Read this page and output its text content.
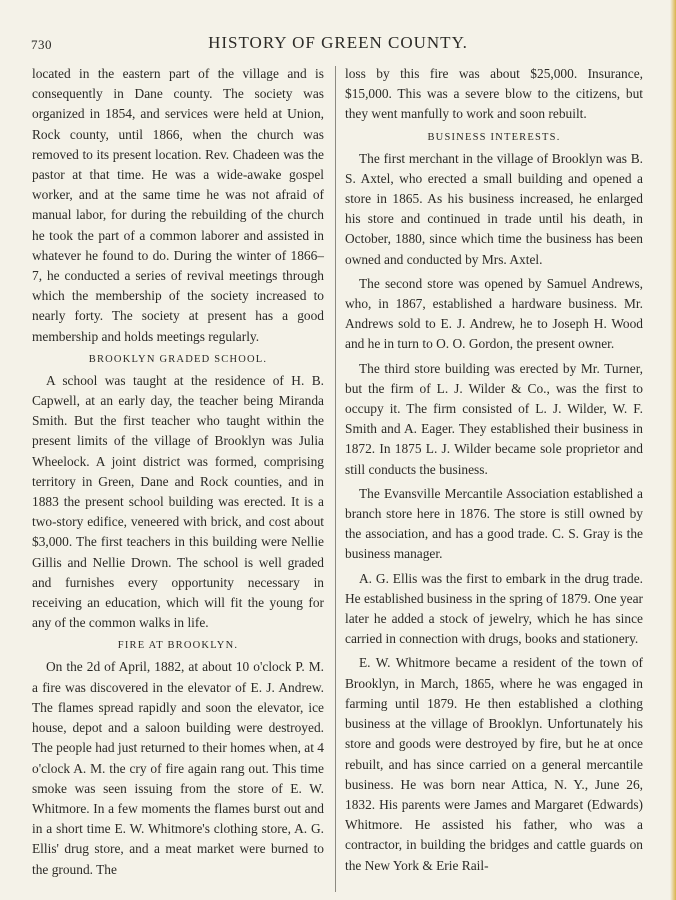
730	HISTORY OF GREEN COUNTY.

located in the eastern part of the village and is consequently in Dane county. The society was organized in 1854, and services were held at Union, Rock county, until 1866, when the church was removed to its present location. Rev. Chadeen was the pastor at that time. He was a wide-awake gospel worker, and at the same time he was not afraid of manual labor, for during the rebuilding of the church he took the part of a common laborer and assisted in whatever he found to do. During the winter of 1866–7, he conducted a series of revival meetings through which the membership of the society increased to nearly forty. The society at present has a good membership and holds meetings regularly.

BROOKLYN GRADED SCHOOL.

A school was taught at the residence of H. B. Capwell, at an early day, the teacher being Miranda Smith. But the first teacher who taught within the present limits of the village of Brooklyn was Julia Wheelock. A joint district was formed, comprising territory in Green, Dane and Rock counties, and in 1883 the present school building was erected. It is a two-story edifice, veneered with brick, and cost about $3,000. The first teachers in this building were Nellie Gillis and Nellie Drown. The school is well graded and furnishes every opportunity necessary in receiving an education, which will fit the young for any of the common walks in life.

FIRE AT BROOKLYN.

On the 2d of April, 1882, at about 10 o'clock P. M. a fire was discovered in the elevator of E. J. Andrew. The flames spread rapidly and soon the elevator, ice house, depot and a saloon building were destroyed. The people had just returned to their homes when, at 4 o'clock A. M. the cry of fire again rang out. This time smoke was seen issuing from the store of E. W. Whitmore. In a few moments the flames burst out and in a short time E. W. Whitmore's clothing store, A. G. Ellis' drug store, and a meat market were burned to the ground. The

loss by this fire was about $25,000. Insurance, $15,000. This was a severe blow to the citizens, but they went manfully to work and soon rebuilt.

BUSINESS INTERESTS.

The first merchant in the village of Brooklyn was B. S. Axtel, who erected a small building and opened a store in 1865. As his business increased, he enlarged his store and continued in trade until his death, in October, 1880, since which time the business has been owned and conducted by Mrs. Axtel.

The second store was opened by Samuel Andrews, who, in 1867, established a hardware business. Mr. Andrews sold to E. J. Andrew, he to Joseph H. Wood and he in turn to O. O. Gordon, the present owner.

The third store building was erected by Mr. Turner, but the firm of L. J. Wilder & Co., was the first to occupy it. The firm consisted of L. J. Wilder, W. F. Smith and A. Eager. They established their business in 1872. In 1875 L. J. Wilder became sole proprietor and still conducts the business.

The Evansville Mercantile Association established a branch store here in 1876. The store is still owned by the association, and has a good trade. C. S. Gray is the business manager.

A. G. Ellis was the first to embark in the drug trade. He established business in the spring of 1879. One year later he added a stock of jewelry, which he has since carried in connection with drugs, books and stationery.

E. W. Whitmore became a resident of the town of Brooklyn, in March, 1865, where he was engaged in farming until 1879. He then established a clothing business at the village of Brooklyn. Unfortunately his store and goods were destroyed by fire, but he at once rebuilt, and has since carried on a general mercantile business. He was born near Attica, N. Y., June 26, 1832. His parents were James and Margaret (Edwards) Whitmore. He assisted his father, who was a contractor, in building the bridges and cattle guards on the New York & Erie Rail-
